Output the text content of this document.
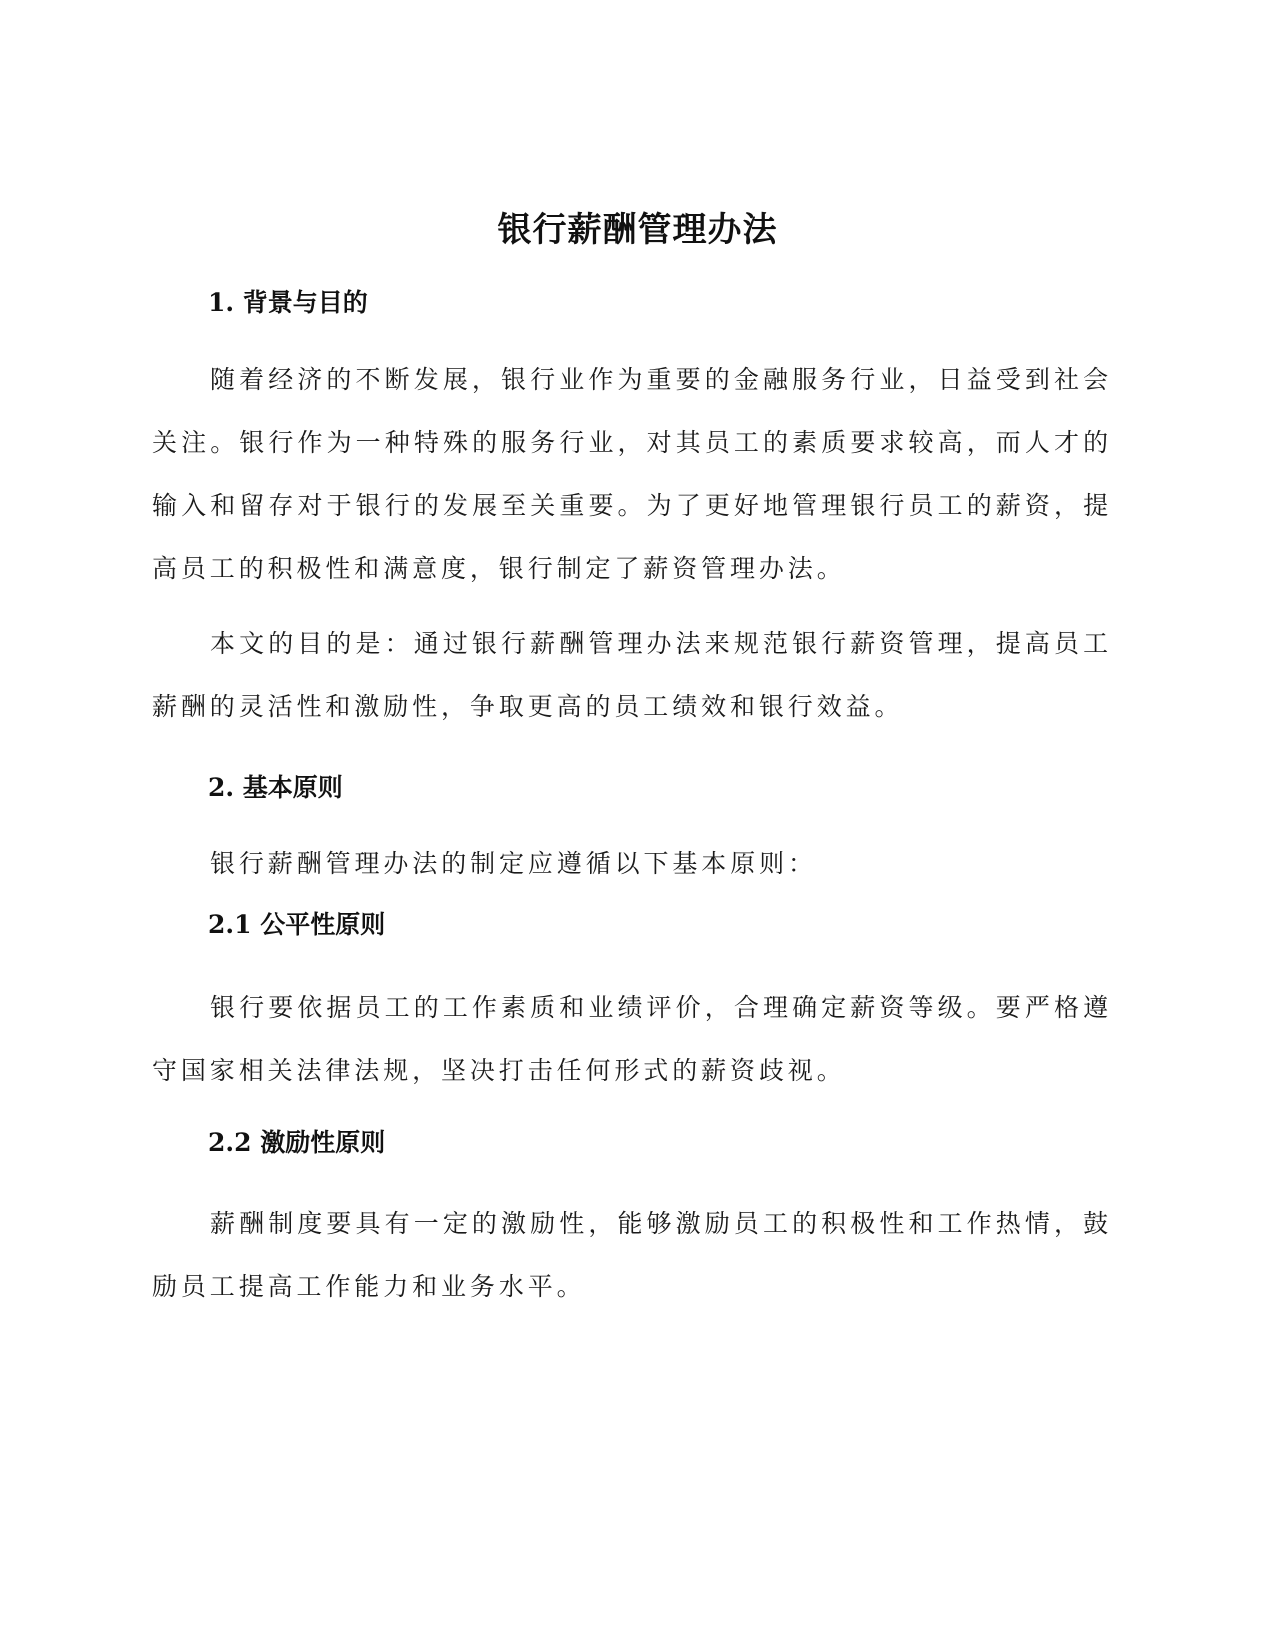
银行薪酬管理办法
1. 背景与目的

随着经济的不断发展，银行业作为重要的金融服务行业，日益受到社会关注。银行作为一种特殊的服务行业，对其员工的素质要求较高，而人才的输入和留存对于银行的发展至关重要。为了更好地管理银行员工的薪资，提高员工的积极性和满意度，银行制定了薪资管理办法。

本文的目的是：通过银行薪酬管理办法来规范银行薪资管理，提高员工薪酬的灵活性和激励性，争取更高的员工绩效和银行效益。

2. 基本原则

银行薪酬管理办法的制定应遵循以下基本原则：

2.1 公平性原则

银行要依据员工的工作素质和业绩评价，合理确定薪资等级。要严格遵守国家相关法律法规，坚决打击任何形式的薪资歧视。

2.2 激励性原则

薪酬制度要具有一定的激励性，能够激励员工的积极性和工作热情，鼓励员工提高工作能力和业务水平。
